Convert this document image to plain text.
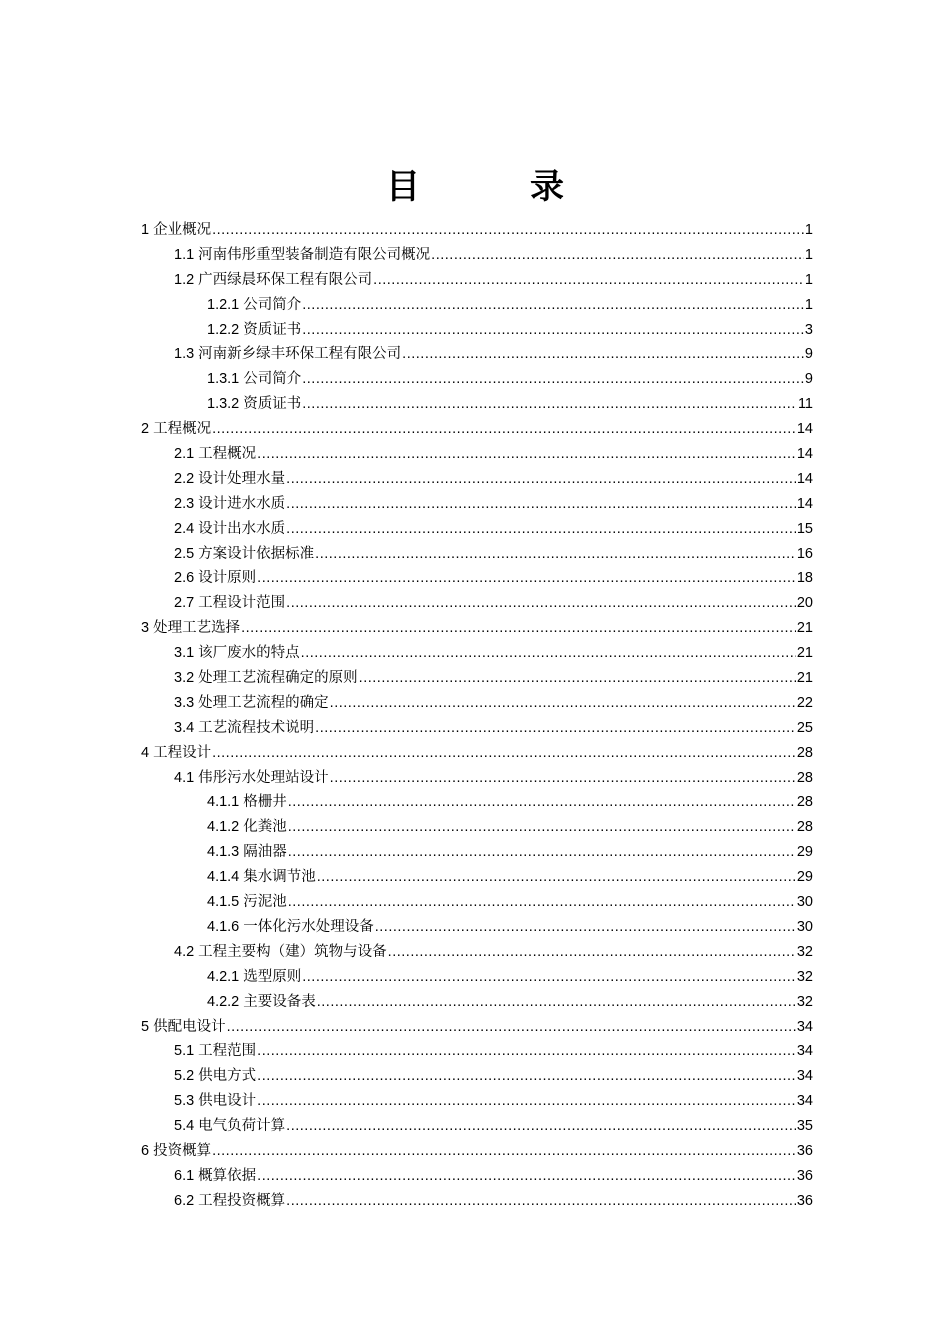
目　录
1 企业概况 .....	1
1.1 河南伟彤重型装备制造有限公司概况 .....	1
1.2 广西绿晨环保工程有限公司 .....	1
1.2.1 公司简介 .....	1
1.2.2 资质证书 .....	3
1.3 河南新乡绿丰环保工程有限公司 .....	9
1.3.1 公司简介 .....	9
1.3.2 资质证书 .....	11
2 工程概况 .....	14
2.1 工程概况 .....	14
2.2 设计处理水量 .....	14
2.3 设计进水水质 .....	14
2.4 设计出水水质 .....	15
2.5 方案设计依据标准 .....	16
2.6 设计原则 .....	18
2.7 工程设计范围 .....	20
3 处理工艺选择 .....	21
3.1 该厂废水的特点 .....	21
3.2 处理工艺流程确定的原则 .....	21
3.3 处理工艺流程的确定 .....	22
3.4 工艺流程技术说明 .....	25
4 工程设计 .....	28
4.1 伟彤污水处理站设计 .....	28
4.1.1 格栅井 .....	28
4.1.2 化粪池 .....	28
4.1.3 隔油器 .....	29
4.1.4 集水调节池 .....	29
4.1.5 污泥池 .....	30
4.1.6 一体化污水处理设备 .....	30
4.2 工程主要构（建）筑物与设备 .....	32
4.2.1 选型原则 .....	32
4.2.2 主要设备表 .....	32
5 供配电设计 .....	34
5.1 工程范围 .....	34
5.2 供电方式 .....	34
5.3 供电设计 .....	34
5.4 电气负荷计算 .....	35
6 投资概算 .....	36
6.1 概算依据 .....	36
6.2 工程投资概算 .....	36
